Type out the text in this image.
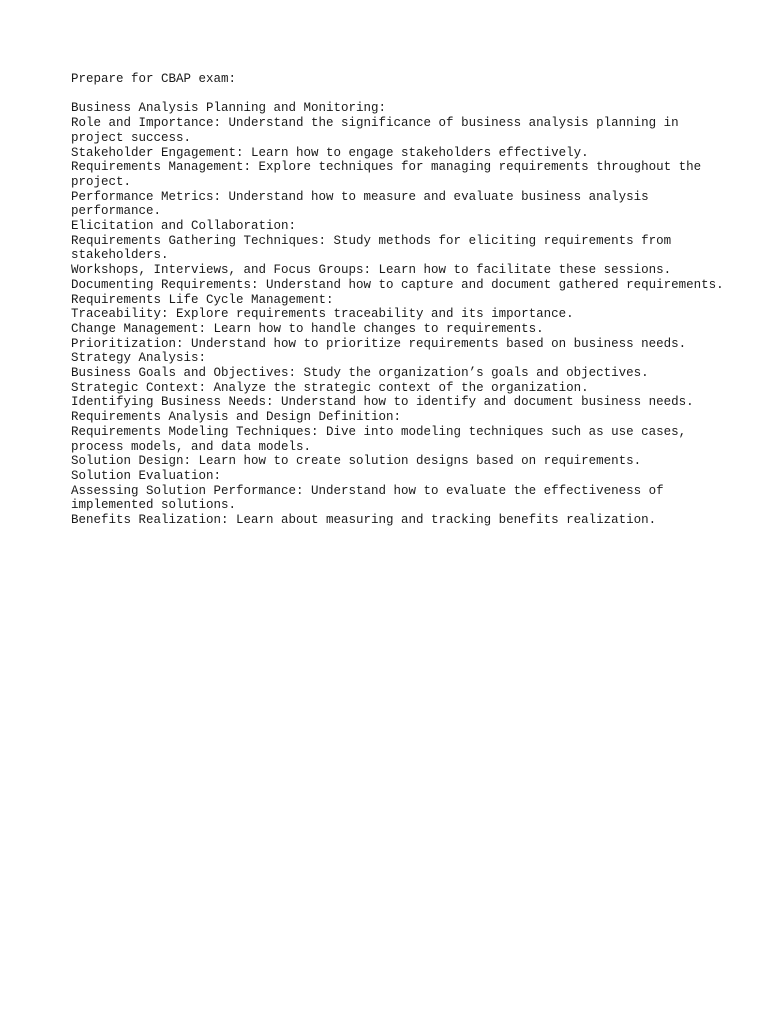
Prepare for CBAP exam:

Business Analysis Planning and Monitoring:

Role and Importance: Understand the significance of business analysis planning in project success.

Stakeholder Engagement: Learn how to engage stakeholders effectively.

Requirements Management: Explore techniques for managing requirements throughout the project.

Performance Metrics: Understand how to measure and evaluate business analysis performance.

Elicitation and Collaboration:

Requirements Gathering Techniques: Study methods for eliciting requirements from stakeholders.

Workshops, Interviews, and Focus Groups: Learn how to facilitate these sessions.

Documenting Requirements: Understand how to capture and document gathered requirements.

Requirements Life Cycle Management:

Traceability: Explore requirements traceability and its importance.

Change Management: Learn how to handle changes to requirements.

Prioritization: Understand how to prioritize requirements based on business needs.

Strategy Analysis:

Business Goals and Objectives: Study the organization’s goals and objectives.

Strategic Context: Analyze the strategic context of the organization.

Identifying Business Needs: Understand how to identify and document business needs.

Requirements Analysis and Design Definition:

Requirements Modeling Techniques: Dive into modeling techniques such as use cases, process models, and data models.

Solution Design: Learn how to create solution designs based on requirements.

Solution Evaluation:

Assessing Solution Performance: Understand how to evaluate the effectiveness of implemented solutions.

Benefits Realization: Learn about measuring and tracking benefits realization.
